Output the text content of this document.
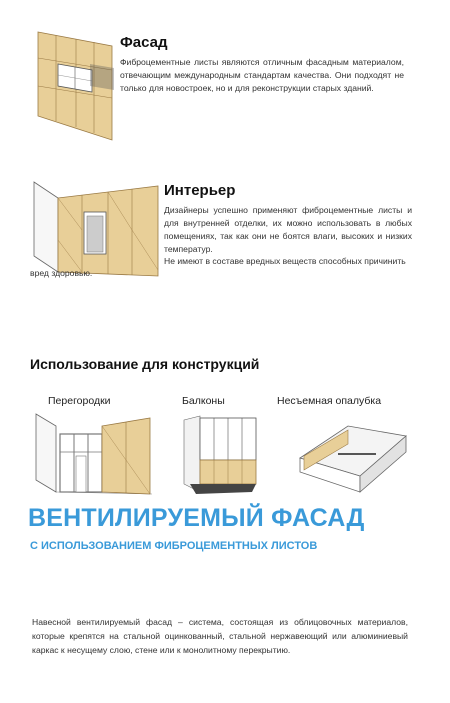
Фасад
Фиброцементные листы являются отличным фасадным материалом, отвечающим международным стандартам качества. Они подходят не только для новостроек, но и для реконструкции старых зданий.
Интерьер
Дизайнеры успешно применяют фиброцементные листы и для внутренней отделки, их можно использовать в любых помещениях, так как они не боятся влаги, высоких и низких температур.
Не имеют в составе вредных веществ способных причинить
вред здоровью.
Использование для конструкций
Перегородки	Балконы	Несъемная опалубка
ВЕНТИЛИРУЕМЫЙ ФАСАД
С ИСПОЛЬЗОВАНИЕМ ФИБРОЦЕМЕНТНЫХ ЛИСТОВ
Навесной вентилируемый фасад – система, состоящая из облицовочных материалов, которые крепятся на стальной оцинкованный, стальной нержавеющий или алюминиевый каркас к несущему слою, стене или к монолитному перекрытию.
